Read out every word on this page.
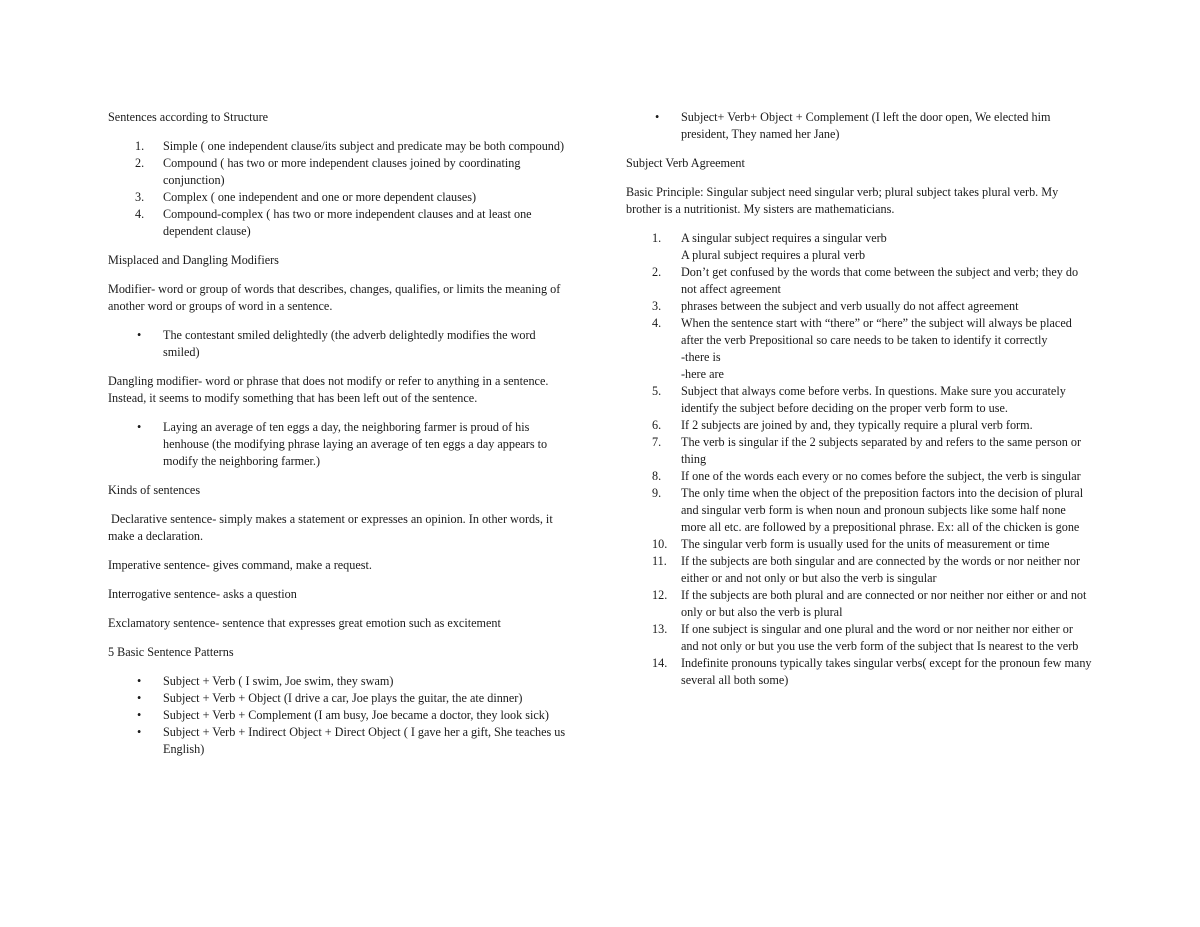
Sentences according to Structure

1.	Simple ( one independent clause/its subject and predicate may be both compound)
2.	Compound ( has two or more independent clauses joined by coordinating conjunction)
3.	Complex ( one independent and one or more dependent clauses)
4.	Compound-complex ( has two or more independent clauses and at least one dependent clause)

Misplaced and Dangling Modifiers

Modifier- word or group of words that describes, changes, qualifies, or limits the meaning of another word or groups of word in a sentence.

• The contestant smiled delightedly (the adverb delightedly modifies the word smiled)

Dangling modifier- word or phrase that does not modify or refer to anything in a sentence. Instead, it seems to modify something that has been left out of the sentence.

• Laying an average of ten eggs a day, the neighboring farmer is proud of his henhouse (the modifying phrase laying an average of ten eggs a day appears to modify the neighboring farmer.)

Kinds of sentences

Declarative sentence- simply makes a statement or expresses an opinion. In other words, it make a declaration.

Imperative sentence- gives command, make a request.

Interrogative sentence- asks a question

Exclamatory sentence- sentence that expresses great emotion such as excitement

5 Basic Sentence Patterns

• Subject + Verb ( I swim, Joe swim, they swam)
• Subject + Verb + Object (I drive a car, Joe plays the guitar, the ate dinner)
• Subject + Verb + Complement (I am busy, Joe became a doctor, they look sick)
• Subject + Verb + Indirect Object + Direct Object ( I gave her a gift, She teaches us English)
• Subject+ Verb+ Object + Complement (I left the door open, We elected him president, They named her Jane)

Subject Verb Agreement

Basic Principle: Singular subject need singular verb; plural subject takes plural verb. My brother is a nutritionist. My sisters are mathematicians.

1.	A singular subject requires a singular verb
A plural subject requires a plural verb
2.	Don’t get confused by the words that come between the subject and verb; they do not affect agreement
3.	phrases between the subject and verb usually do not affect agreement
4.	When the sentence start with “there” or “here” the subject will always be placed after the verb Prepositional so care needs to be taken to identify it correctly
-there is
-here are
5.	Subject that always come before verbs. In questions. Make sure you accurately identify the subject before deciding on the proper verb form to use.
6.	If 2 subjects are joined by and, they typically require a plural verb form.
7.	The verb is singular if the 2 subjects separated by and refers to the same person or thing
8.	If one of the words each every or no comes before the subject, the verb is singular
9.	The only time when the object of the preposition factors into the decision of plural and singular verb form is when noun and pronoun subjects like some half none more all etc. are followed by a prepositional phrase. Ex: all of the chicken is gone
10.	The singular verb form is usually used for the units of measurement or time
11.	If the subjects are both singular and are connected by the words or nor neither nor either or and not only or but also the verb is singular
12.	If the subjects are both plural and are connected or nor neither nor either or and not only or but also the verb is plural
13.	If one subject is singular and one plural and the word or nor neither nor either or and not only or but you use the verb form of the subject that Is nearest to the verb
14.	Indefinite pronouns typically takes singular verbs( except for the pronoun few many several all both some)
